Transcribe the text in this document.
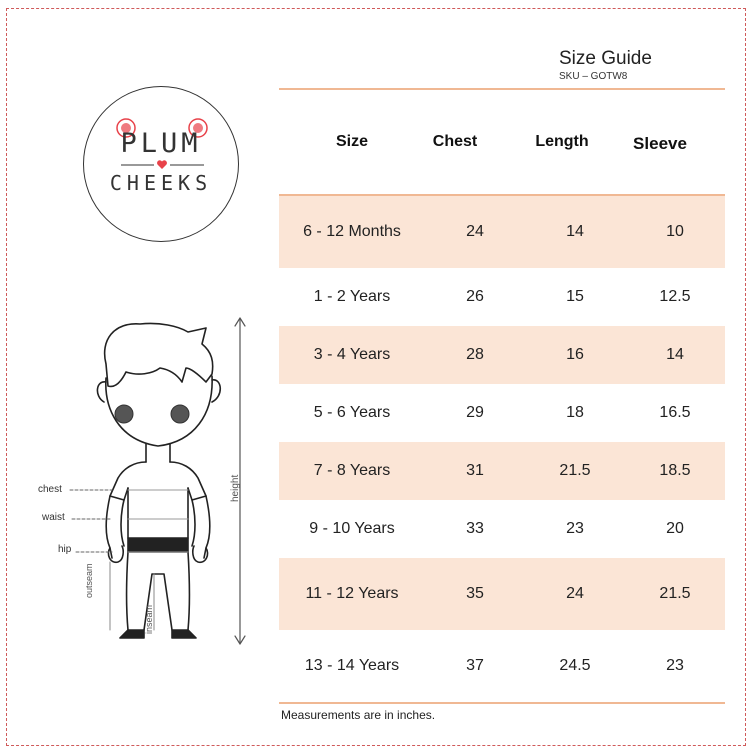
PLUM
CHEEKS
chest
waist
hip
outseam
inseam
height
Size Guide
SKU – GOTW8
Size	Chest	Length	Sleeve
6 - 12 Months	24	14	10
1 - 2 Years	26	15	12.5
3 - 4 Years	28	16	14
5 - 6 Years	29	18	16.5
7 - 8 Years	31	21.5	18.5
9 - 10 Years	33	23	20
11 - 12 Years	35	24	21.5
13 - 14 Years	37	24.5	23
Measurements are in inches.
